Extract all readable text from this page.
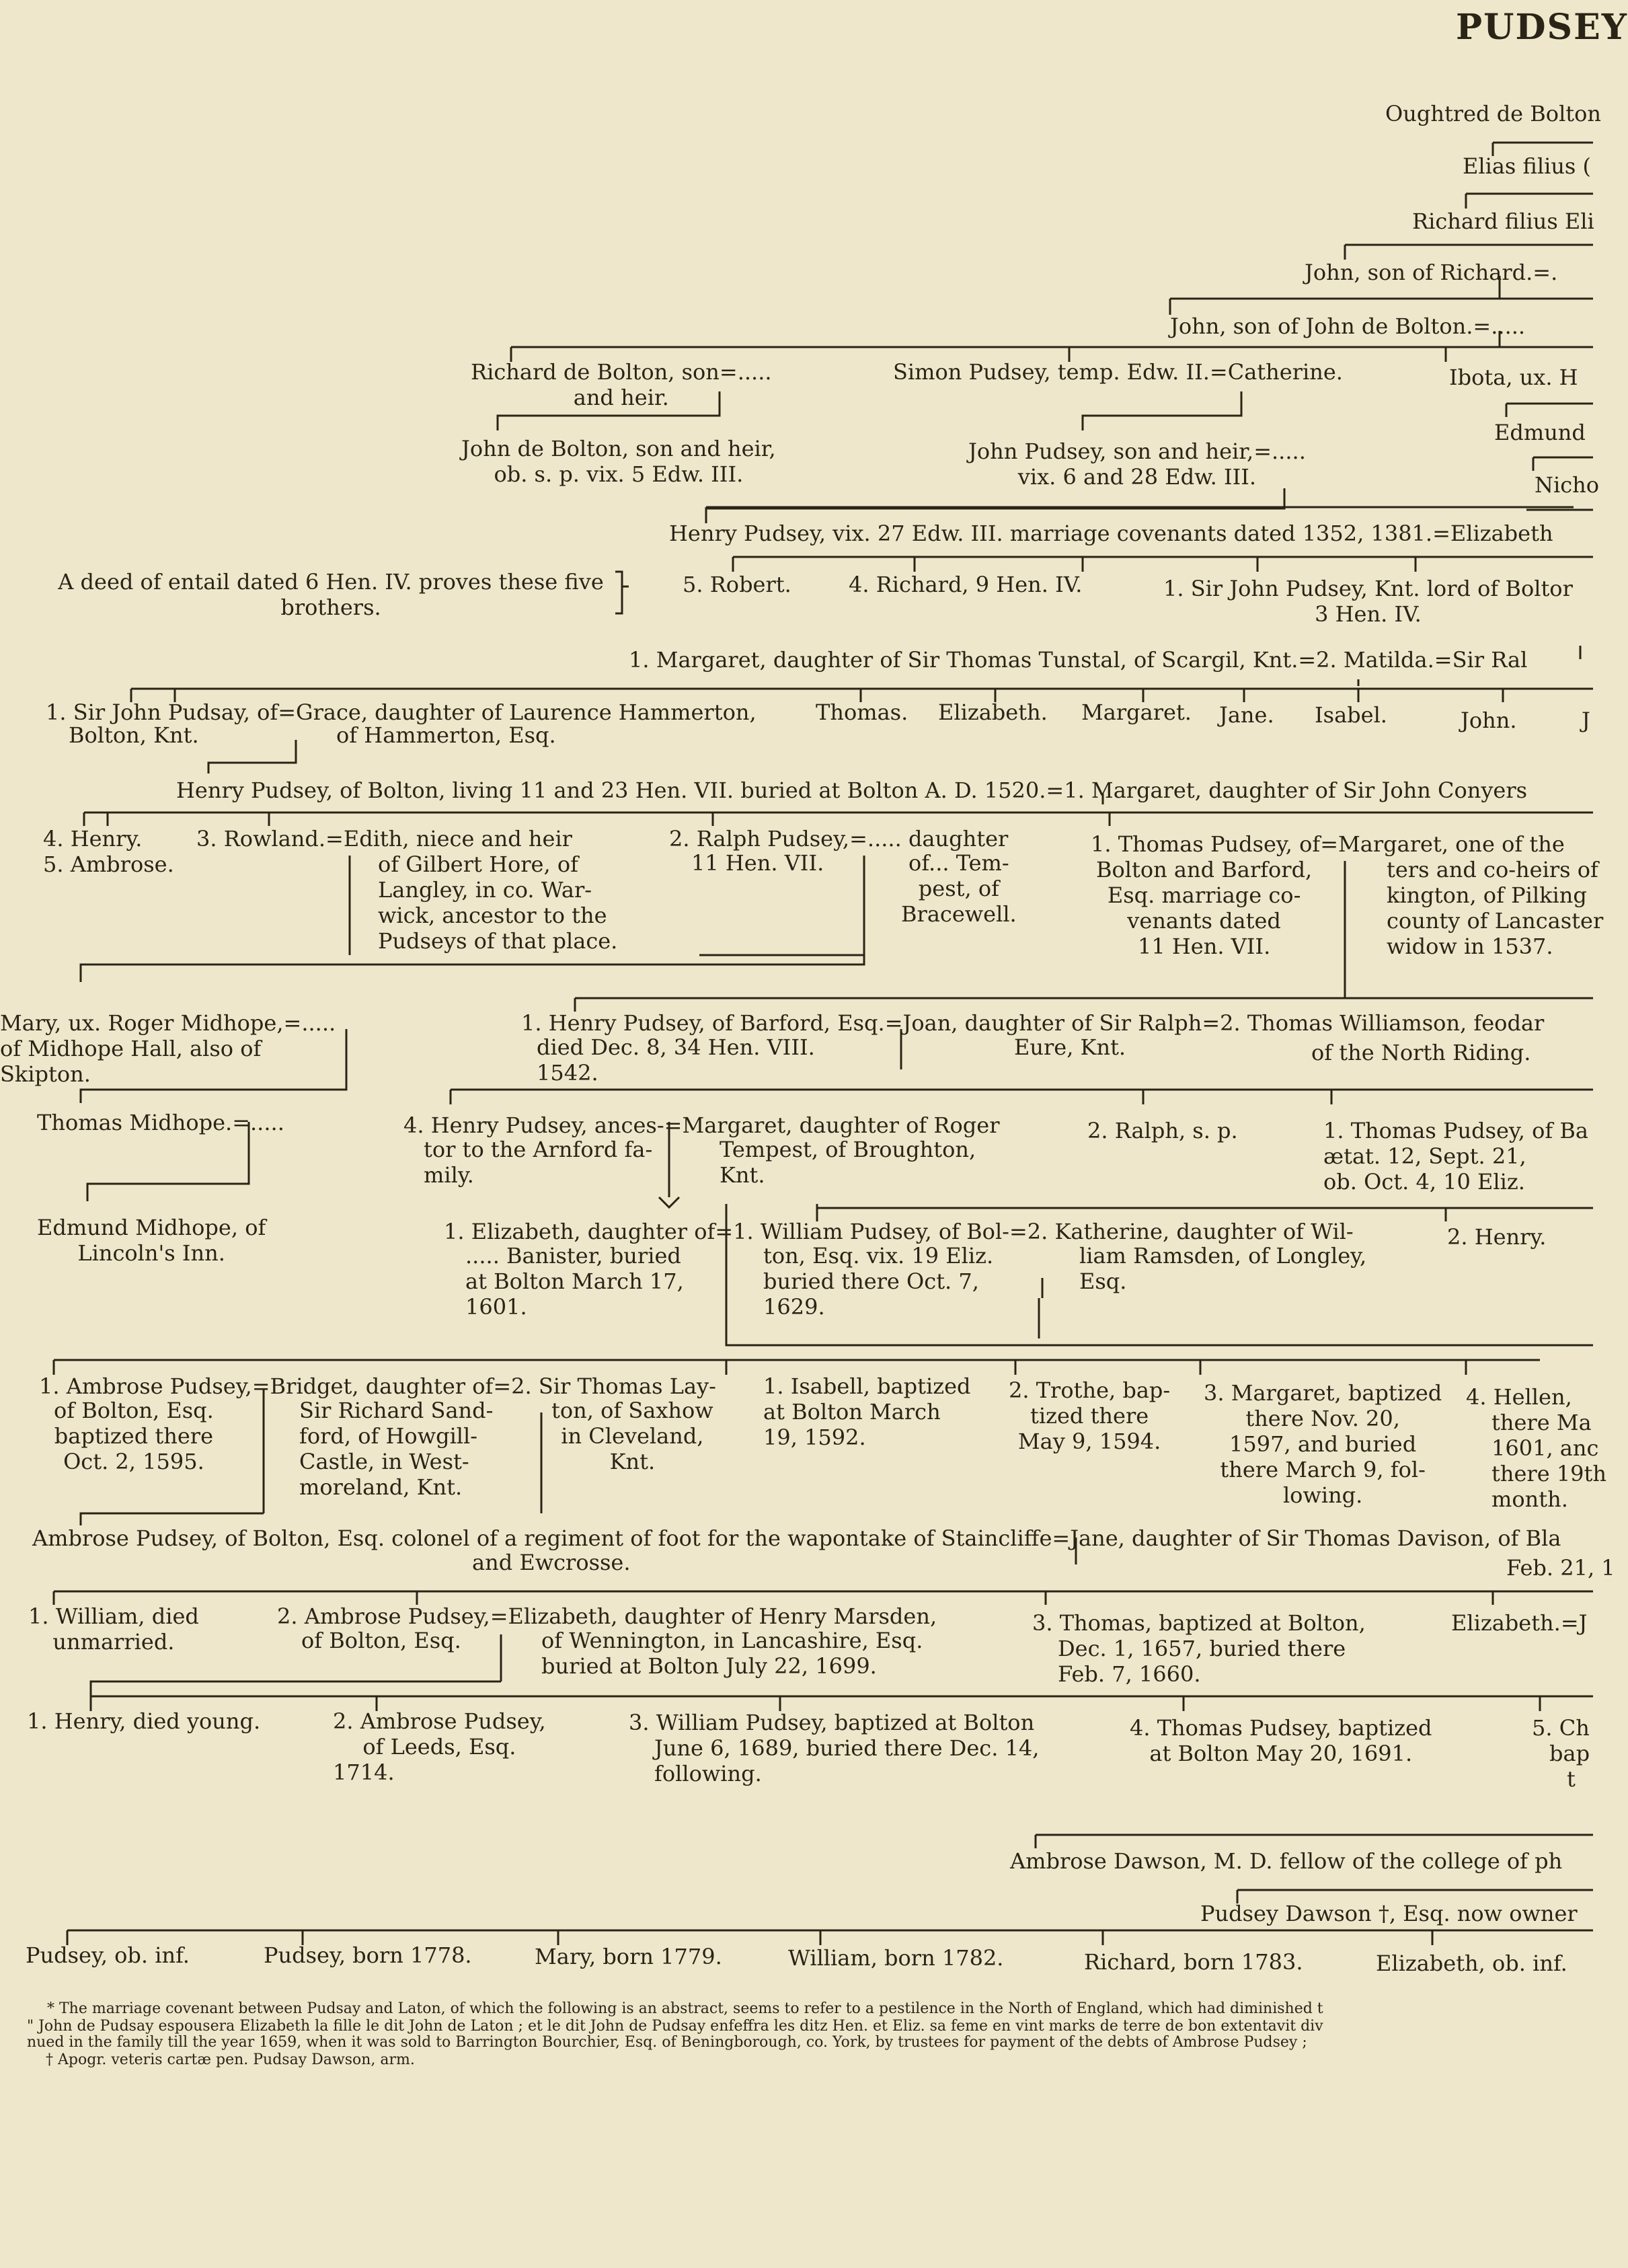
PUDSEY
Oughtred de Bolton
Elias filius (
Richard filius Eli
John, son of Richard.=.
John, son of John de Bolton.=.....
Richard de Bolton, son=.....
and heir.
Simon Pudsey, temp. Edw. II.=Catherine.	Ibota, ux. H
John de Bolton, son and heir,
ob. s. p. vix. 5 Edw. III.
John Pudsey, son and heir,=.....
vix. 6 and 28 Edw. III.
Edmund
Nicho
Henry Pudsey, vix. 27 Edw. III. marriage covenants dated 1352, 1381.=Elizabeth
A deed of entail dated 6 Hen. IV. proves these five
brothers.
5. Robert.	4. Richard, 9 Hen. IV.	1. Sir John Pudsey, Knt. lord of Boltor
3 Hen. IV.
1. Margaret, daughter of Sir Thomas Tunstal, of Scargil, Knt.=2. Matilda.=Sir Ral
1. Sir John Pudsay, of=Grace, daughter of Laurence Hammerton,
Bolton, Knt.	of Hammerton, Esq.
Thomas. Elizabeth. Margaret. Jane. Isabel.	John.	J
Henry Pudsey, of Bolton, living 11 and 23 Hen. VII. buried at Bolton A. D. 1520.=1. Margaret, daughter of Sir John Conyers
4. Henry.
5. Ambrose.
3. Rowland.=Edith, niece and heir
of Gilbert Hore, of
Langley, in co. War-
wick, ancestor to the
Pudseys of that place.
2. Ralph Pudsey,=..... daughter
11 Hen. VII.	of... Tem-
pest, of
Bracewell.
1. Thomas Pudsey, of=Margaret, one of the
Bolton and Barford,
Esq. marriage co-
venants dated
11 Hen. VII.
ters and co-heirs of
kington, of Pilking
county of Lancaster
widow in 1537.
Mary, ux. Roger Midhope,=.....
of Midhope Hall, also of
Skipton.
1. Henry Pudsey, of Barford, Esq.=Joan, daughter of Sir Ralph=2. Thomas Williamson, feodar
died Dec. 8, 34 Hen. VIII.
1542.
Eure, Knt.	of the North Riding.
Thomas Midhope.=.....	4. Henry Pudsey, ances-=Margaret, daughter of Roger
tor to the Arnford fa-
mily.
Tempest, of Broughton,
Knt.
2. Ralph, s. p.	1. Thomas Pudsey, of Ba
ætat. 12, Sept. 21,
ob. Oct. 4, 10 Eliz.
Edmund Midhope, of
Lincoln's Inn.
1. Elizabeth, daughter of=1. William Pudsey, of Bol-=2. Katherine, daughter of Wil-
..... Banister, buried
at Bolton March 17,
1601.
ton, Esq. vix. 19 Eliz.
buried there Oct. 7,
1629.
liam Ramsden, of Longley,
Esq.
2. Henry.
1. Ambrose Pudsey,=Bridget, daughter of=2. Sir Thomas Lay-
of Bolton, Esq.
baptized there
Oct. 2, 1595.
Sir Richard Sand-
ford, of Howgill-
Castle, in West-
moreland, Knt.
ton, of Saxhow
in Cleveland,
Knt.
1. Isabell, baptized
at Bolton March
19, 1592.
2. Trothe, bap-
tized there
May 9, 1594.
3. Margaret, baptized
there Nov. 20,
1597, and buried
there March 9, fol-
lowing.
4. Hellen,
there Ma
1601, anc
there 19th
month.
Ambrose Pudsey, of Bolton, Esq. colonel of a regiment of foot for the wapontake of Staincliffe=Jane, daughter of Sir Thomas Davison, of Bla
and Ewcrosse.	Feb. 21, 1
1. William, died
unmarried.
2. Ambrose Pudsey,=Elizabeth, daughter of Henry Marsden,
of Bolton, Esq.	of Wennington, in Lancashire, Esq.
buried at Bolton July 22, 1699.
3. Thomas, baptized at Bolton,
Dec. 1, 1657, buried there
Feb. 7, 1660.
Elizabeth.=J
1. Henry, died young.	2. Ambrose Pudsey,
of Leeds, Esq.
1714.
3. William Pudsey, baptized at Bolton
June 6, 1689, buried there Dec. 14,
following.
4. Thomas Pudsey, baptized
at Bolton May 20, 1691.
5. Ch
bap
t
Ambrose Dawson, M. D. fellow of the college of ph
Pudsey Dawson †, Esq. now owner
Pudsey, ob. inf.	Pudsey, born 1778.	Mary, born 1779.	William, born 1782.	Richard, born 1783.	Elizabeth, ob. inf.
* The marriage covenant between Pudsay and Laton, of which the following is an abstract, seems to refer to a pestilence in the North of England, which had diminished t
" John de Pudsay espousera Elizabeth la fille le dit John de Laton ; et le dit John de Pudsay enfeffra les ditz Hen. et Eliz. sa feme en vint marks de terre de bon extentavit div
nued in the family till the year 1659, when it was sold to Barrington Bourchier, Esq. of Beningborough, co. York, by trustees for payment of the debts of Ambrose Pudsey ;
† Apogr. veteris cartæ pen. Pudsay Dawson, arm.
